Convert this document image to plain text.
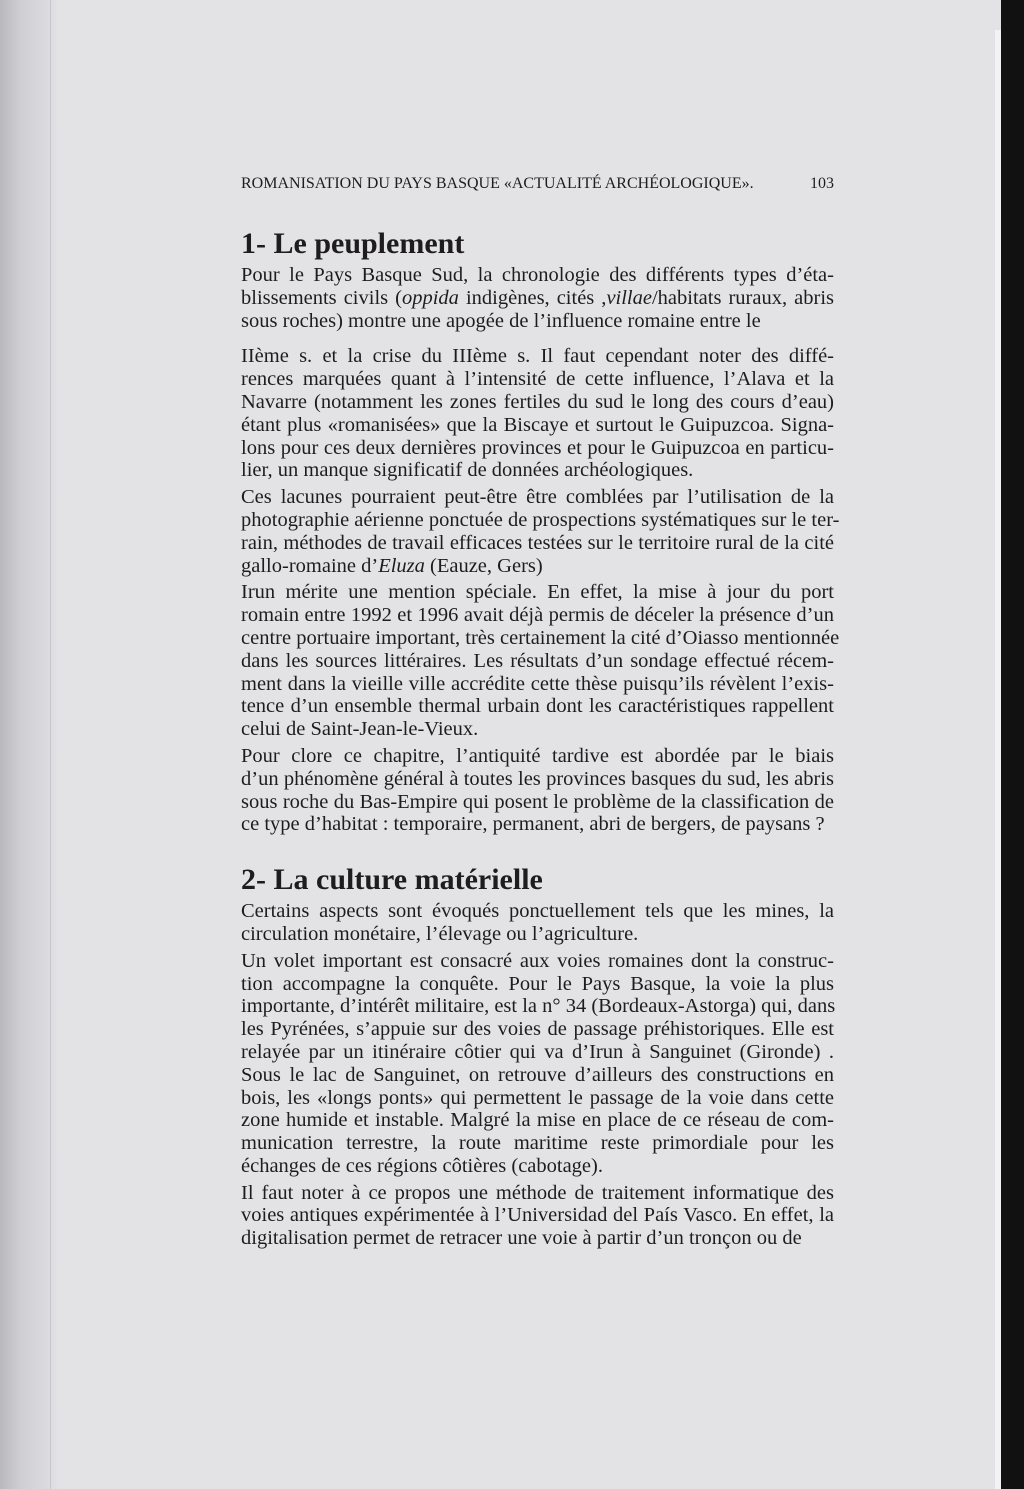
ROMANISATION DU PAYS BASQUE «ACTUALITÉ ARCHÉOLOGIQUE».	103
1- Le peuplement
Pour le Pays Basque Sud, la chronologie des différents types d’éta-
blissements civils (oppida indigènes, cités ,villae/habitats ruraux, abris
sous roches) montre une apogée de l’influence romaine entre le
IIème s. et la crise du IIIème s. Il faut cependant noter des diffé-
rences marquées quant à l’intensité de cette influence, l’Alava et la
Navarre (notamment les zones fertiles du sud le long des cours d’eau)
étant plus «romanisées» que la Biscaye et surtout le Guipuzcoa. Signa-
lons pour ces deux dernières provinces et pour le Guipuzcoa en particu-
lier, un manque significatif de données archéologiques.
Ces lacunes pourraient peut-être être comblées par l’utilisation de la
photographie aérienne ponctuée de prospections systématiques sur le ter-
rain, méthodes de travail efficaces testées sur le territoire rural de la cité
gallo-romaine d’Eluza (Eauze, Gers)
Irun mérite une mention spéciale. En effet, la mise à jour du port
romain entre 1992 et 1996 avait déjà permis de déceler la présence d’un
centre portuaire important, très certainement la cité d’Oiasso mentionnée
dans les sources littéraires. Les résultats d’un sondage effectué récem-
ment dans la vieille ville accrédite cette thèse puisqu’ils révèlent l’exis-
tence d’un ensemble thermal urbain dont les caractéristiques rappellent
celui de Saint-Jean-le-Vieux.
Pour clore ce chapitre, l’antiquité tardive est abordée par le biais
d’un phénomène général à toutes les provinces basques du sud, les abris
sous roche du Bas-Empire qui posent le problème de la classification de
ce type d’habitat : temporaire, permanent, abri de bergers, de paysans ?
2- La culture matérielle
Certains aspects sont évoqués ponctuellement tels que les mines, la
circulation monétaire, l’élevage ou l’agriculture.
Un volet important est consacré aux voies romaines dont la construc-
tion accompagne la conquête. Pour le Pays Basque, la voie la plus
importante, d’intérêt militaire, est la n° 34 (Bordeaux-Astorga) qui, dans
les Pyrénées, s’appuie sur des voies de passage préhistoriques. Elle est
relayée par un itinéraire côtier qui va d’Irun à Sanguinet (Gironde) .
Sous le lac de Sanguinet, on retrouve d’ailleurs des constructions en
bois, les «longs ponts» qui permettent le passage de la voie dans cette
zone humide et instable. Malgré la mise en place de ce réseau de com-
munication terrestre, la route maritime reste primordiale pour les
échanges de ces régions côtières (cabotage).
Il faut noter à ce propos une méthode de traitement informatique des
voies antiques expérimentée à l’Universidad del País Vasco. En effet, la
digitalisation permet de retracer une voie à partir d’un tronçon ou de
